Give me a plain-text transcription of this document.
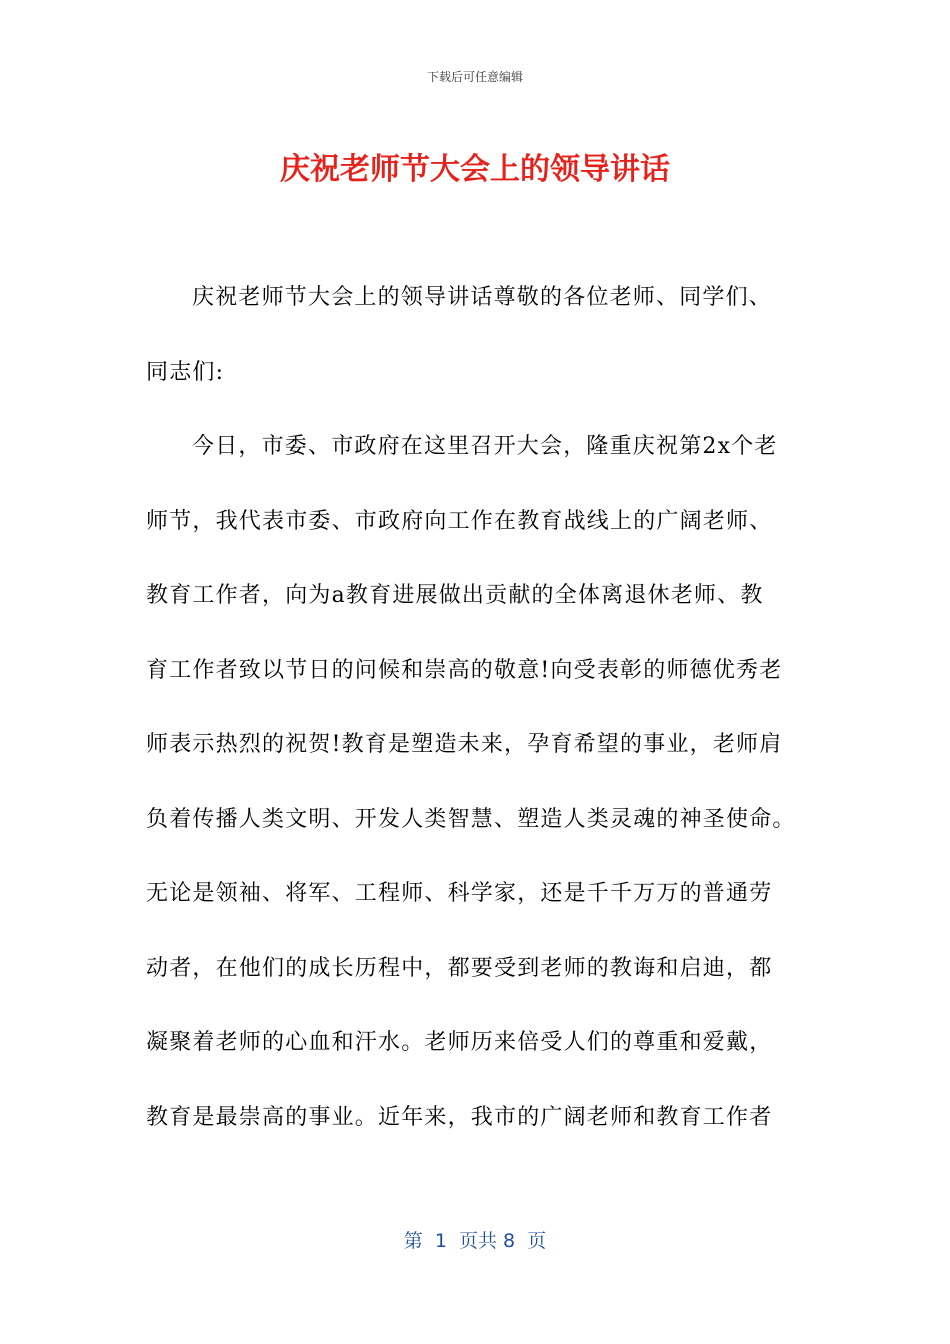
下载后可任意编辑
庆祝老师节大会上的领导讲话
庆祝老师节大会上的领导讲话尊敬的各位老师、同学们、
同志们:
今日，市委、市政府在这里召开大会，隆重庆祝第2x个老
师节，我代表市委、市政府向工作在教育战线上的广阔老师、
教育工作者，向为a教育进展做出贡献的全体离退休老师、教
育工作者致以节日的问候和崇高的敬意!向受表彰的师德优秀老
师表示热烈的祝贺!教育是塑造未来，孕育希望的事业，老师肩
负着传播人类文明、开发人类智慧、塑造人类灵魂的神圣使命。
无论是领袖、将军、工程师、科学家，还是千千万万的普通劳
动者，在他们的成长历程中，都要受到老师的教诲和启迪，都
凝聚着老师的心血和汗水。老师历来倍受人们的尊重和爱戴，
教育是最崇高的事业。近年来，我市的广阔老师和教育工作者
第  1  页共 8  页
